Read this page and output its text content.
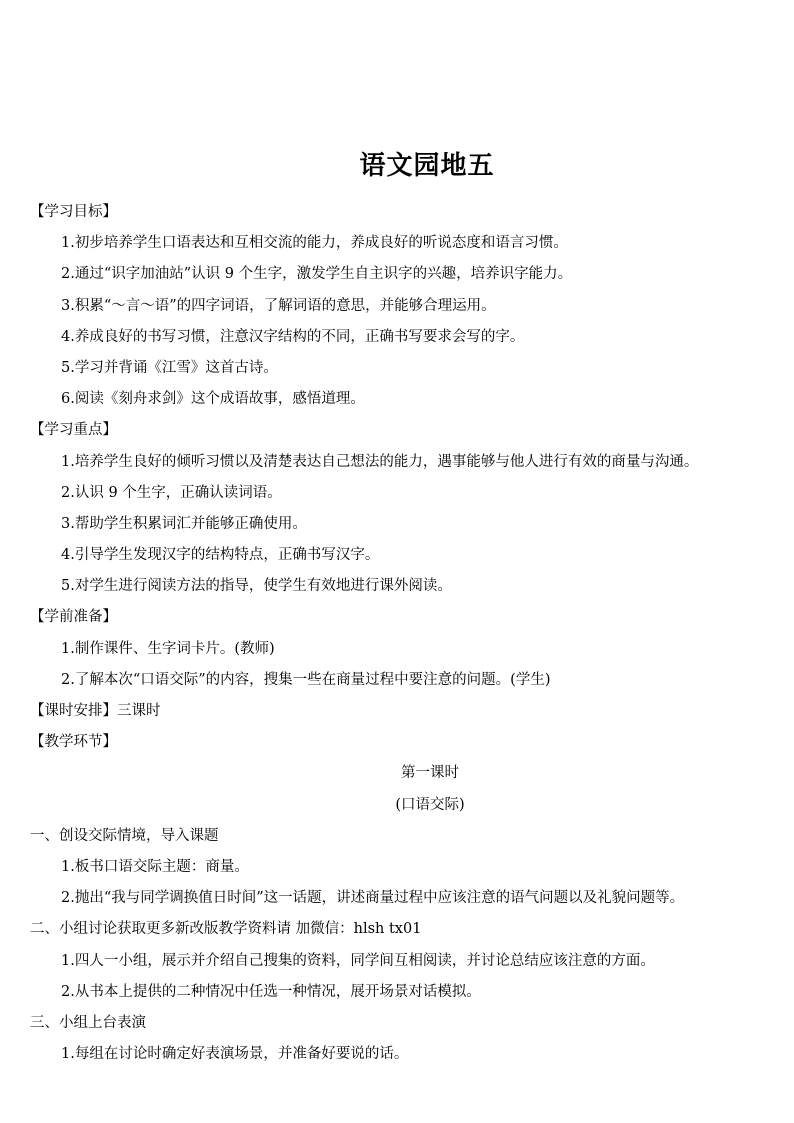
语文园地五
【学习目标】
1.初步培养学生口语表达和互相交流的能力，养成良好的听说态度和语言习惯。
2.通过“识字加油站”认识 9 个生字，激发学生自主识字的兴趣，培养识字能力。
3.积累“～言～语”的四字词语，了解词语的意思，并能够合理运用。
4.养成良好的书写习惯，注意汉字结构的不同，正确书写要求会写的字。
5.学习并背诵《江雪》这首古诗。
6.阅读《刻舟求剑》这个成语故事，感悟道理。
【学习重点】
1.培养学生良好的倾听习惯以及清楚表达自己想法的能力，遇事能够与他人进行有效的商量与沟通。
2.认识 9 个生字，正确认读词语。
3.帮助学生积累词汇并能够正确使用。
4.引导学生发现汉字的结构特点，正确书写汉字。
5.对学生进行阅读方法的指导，使学生有效地进行课外阅读。
【学前准备】
1.制作课件、生字词卡片。(教师)
2.了解本次“口语交际”的内容，搜集一些在商量过程中要注意的问题。(学生)
【课时安排】三课时
【教学环节】
第一课时
(口语交际)
一、创设交际情境，导入课题
1.板书口语交际主题：商量。
2.抛出“我与同学调换值日时间”这一话题，讲述商量过程中应该注意的语气问题以及礼貌问题等。
二、小组讨论获取更多新改版教学资料请 加微信：hlsh tx01
1.四人一小组，展示并介绍自己搜集的资料，同学间互相阅读，并讨论总结应该注意的方面。
2.从书本上提供的二种情况中任选一种情况，展开场景对话模拟。
三、小组上台表演
1.每组在讨论时确定好表演场景，并准备好要说的话。
